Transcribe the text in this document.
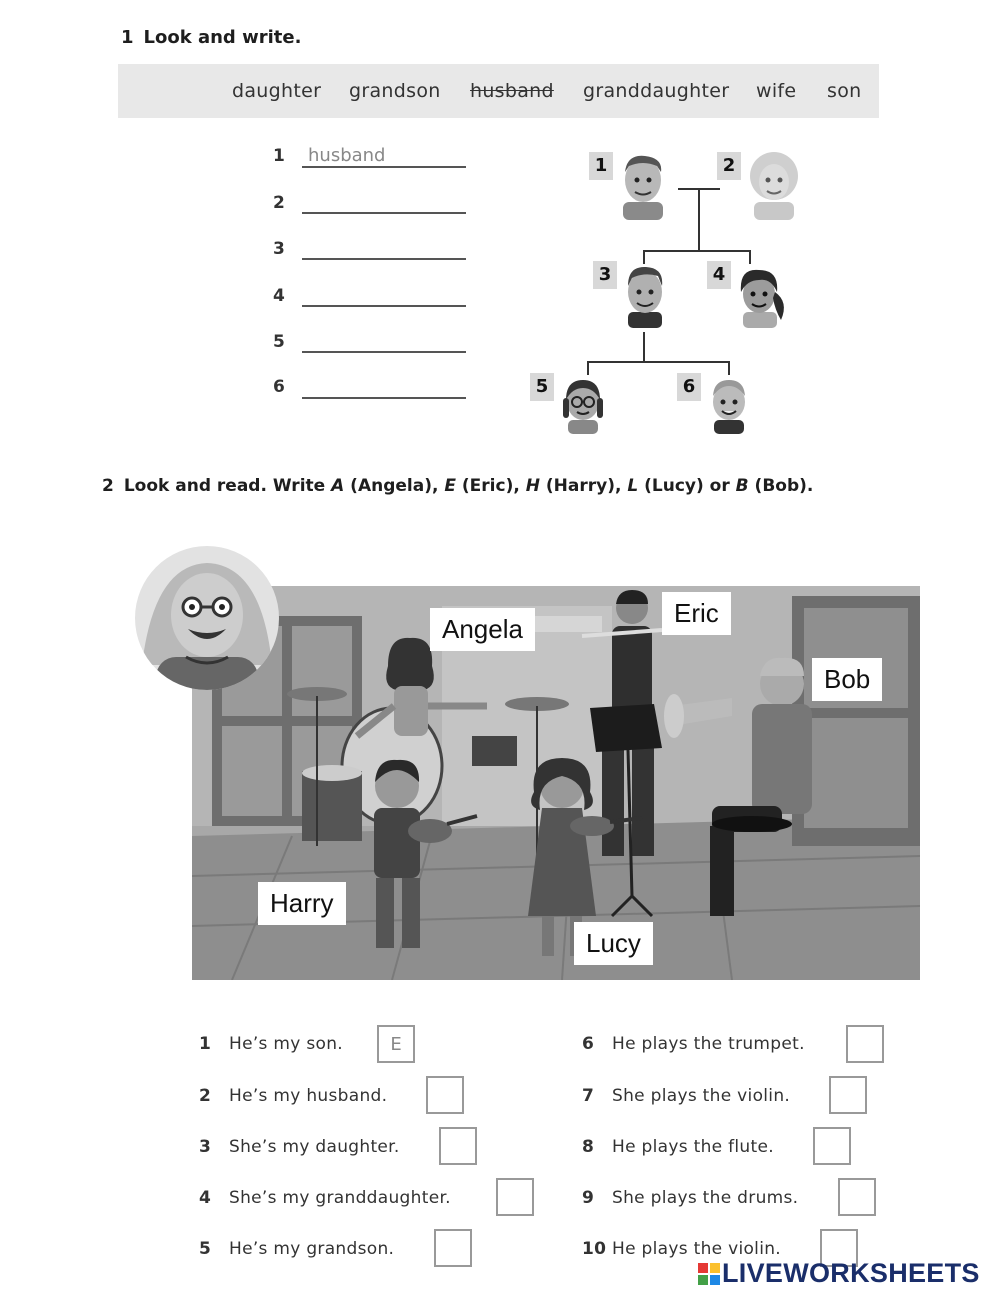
1 Look and write.
daughter grandson husband granddaughter wife son
1
husband
2
3
4
5
6
1	2
3	4
5	6
2 Look and read. Write A (Angela), E (Eric), H (Harry), L (Lucy) or B (Bob).
Angela
Eric
Bob
Harry
Lucy
1 He’s my son.
E
2 He’s my husband.
3 She’s my daughter.
4 She’s my granddaughter.
5 He’s my grandson.
6 He plays the trumpet.
7 She plays the violin.
8 He plays the flute.
9 She plays the drums.
10 He plays the violin.
LIVEWORKSHEETS
